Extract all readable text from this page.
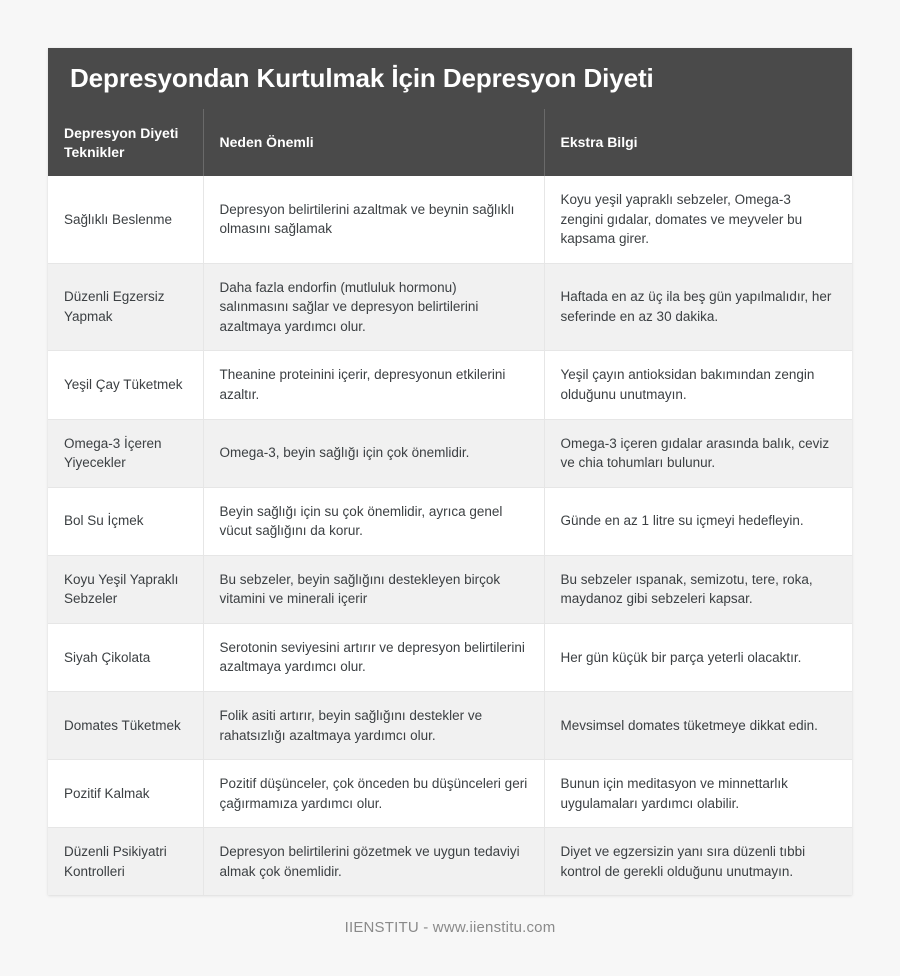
Depresyondan Kurtulmak İçin Depresyon Diyeti
Depresyon Diyeti Teknikler	Neden Önemli	Ekstra Bilgi
Sağlıklı Beslenme	Depresyon belirtilerini azaltmak ve beynin sağlıklı olmasını sağlamak	Koyu yeşil yapraklı sebzeler, Omega-3 zengini gıdalar, domates ve meyveler bu kapsama girer.
Düzenli Egzersiz Yapmak	Daha fazla endorfin (mutluluk hormonu) salınmasını sağlar ve depresyon belirtilerini azaltmaya yardımcı olur.	Haftada en az üç ila beş gün yapılmalıdır, her seferinde en az 30 dakika.
Yeşil Çay Tüketmek	Theanine proteinini içerir, depresyonun etkilerini azaltır.	Yeşil çayın antioksidan bakımından zengin olduğunu unutmayın.
Omega-3 İçeren Yiyecekler	Omega-3, beyin sağlığı için çok önemlidir.	Omega-3 içeren gıdalar arasında balık, ceviz ve chia tohumları bulunur.
Bol Su İçmek	Beyin sağlığı için su çok önemlidir, ayrıca genel vücut sağlığını da korur.	Günde en az 1 litre su içmeyi hedefleyin.
Koyu Yeşil Yapraklı Sebzeler	Bu sebzeler, beyin sağlığını destekleyen birçok vitamini ve minerali içerir	Bu sebzeler ıspanak, semizotu, tere, roka, maydanoz gibi sebzeleri kapsar.
Siyah Çikolata	Serotonin seviyesini artırır ve depresyon belirtilerini azaltmaya yardımcı olur.	Her gün küçük bir parça yeterli olacaktır.
Domates Tüketmek	Folik asiti artırır, beyin sağlığını destekler ve rahatsızlığı azaltmaya yardımcı olur.	Mevsimsel domates tüketmeye dikkat edin.
Pozitif Kalmak	Pozitif düşünceler, çok önceden bu düşünceleri geri çağırmamıza yardımcı olur.	Bunun için meditasyon ve minnettarlık uygulamaları yardımcı olabilir.
Düzenli Psikiyatri Kontrolleri	Depresyon belirtilerini gözetmek ve uygun tedaviyi almak çok önemlidir.	Diyet ve egzersizin yanı sıra düzenli tıbbi kontrol de gerekli olduğunu unutmayın.
IIENSTITU - www.iienstitu.com
